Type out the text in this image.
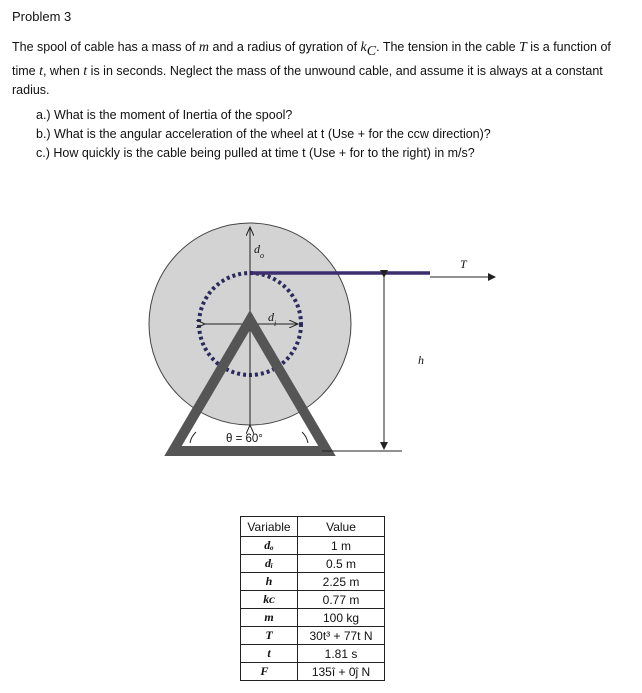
Problem 3
The spool of cable has a mass of m and a radius of gyration of $k_C$. The tension in the cable T is a function of time t, when t is in seconds. Neglect the mass of the unwound cable, and assume it is always at a constant radius.
a.) What is the moment of Inertia of the spool?
b.) What is the angular acceleration of the wheel at t (Use + for the ccw direction)?
c.) How quickly is the cable being pulled at time t (Use + for to the right) in m/s?
T
$d_o$
$d_i$
θ = 60°
h
Variable	Value
dₒ	1 m
dᵢ	0.5 m
h	2.25 m
kᴄ	0.77 m
m	100 kg
T	30t³ + 77t N
t	1.81 s
F⃗	135î + 0ĵ N
